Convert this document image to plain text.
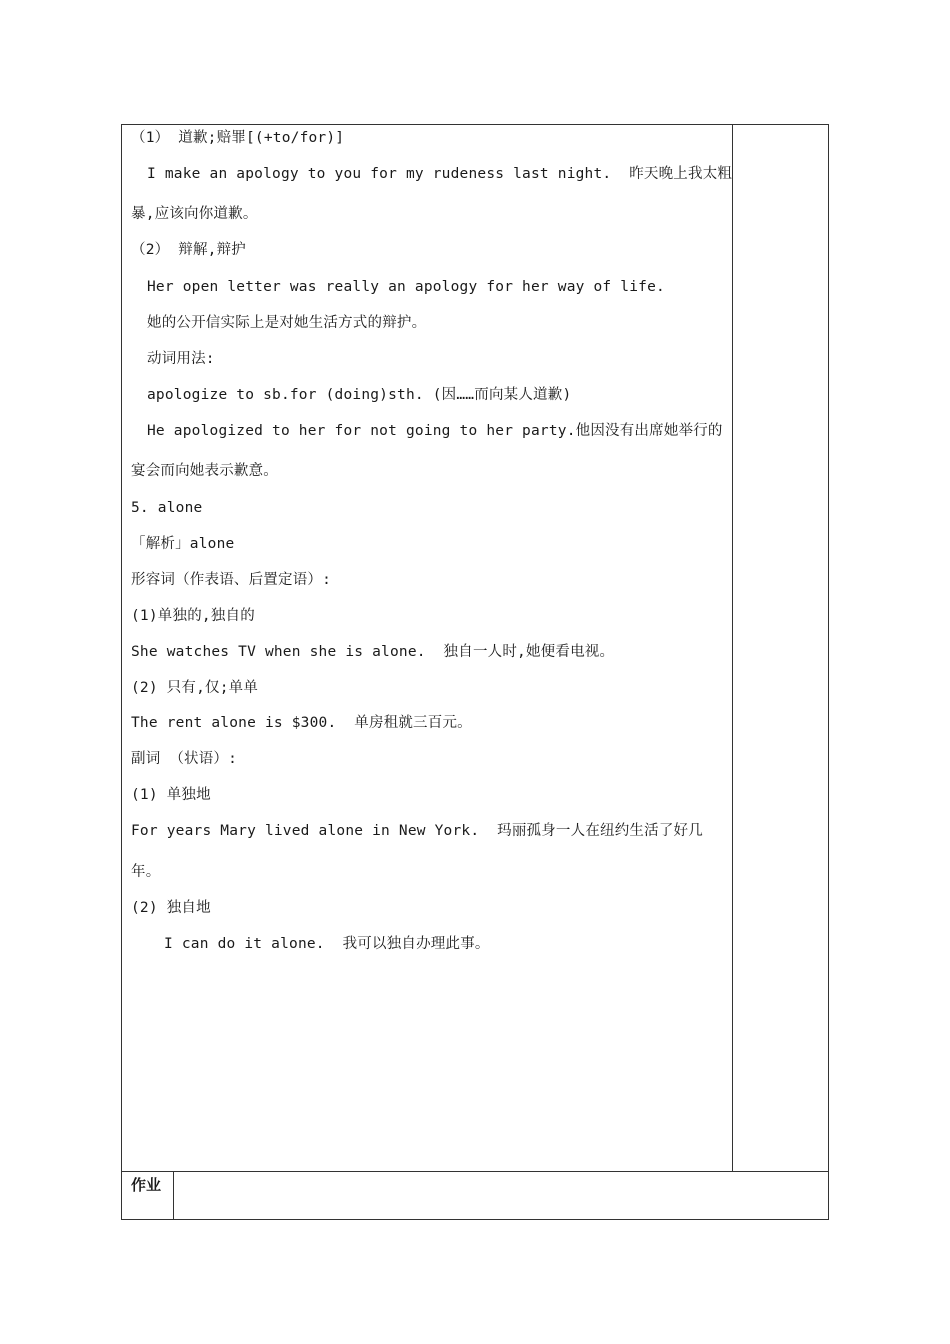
（1） 道歉;赔罪[(+to/for)]
I make an apology to you for my rudeness last night.  昨天晚上我太粗
暴,应该向你道歉。
（2） 辩解,辩护
Her open letter was really an apology for her way of life.
她的公开信实际上是对她生活方式的辩护。
动词用法:
apologize to sb.for (doing)sth. (因……而向某人道歉)
He apologized to her for not going to her party.他因没有出席她举行的
宴会而向她表示歉意。
5. alone
「解析」alone
形容词（作表语、后置定语）:
(1)单独的,独自的
She watches TV when she is alone.  独自一人时,她便看电视。
(2) 只有,仅;单单
The rent alone is $300.  单房租就三百元。
副词 （状语）:
(1) 单独地
For years Mary lived alone in New York.  玛丽孤身一人在纽约生活了好几
年。
(2) 独自地
I can do it alone.  我可以独自办理此事。
作业
